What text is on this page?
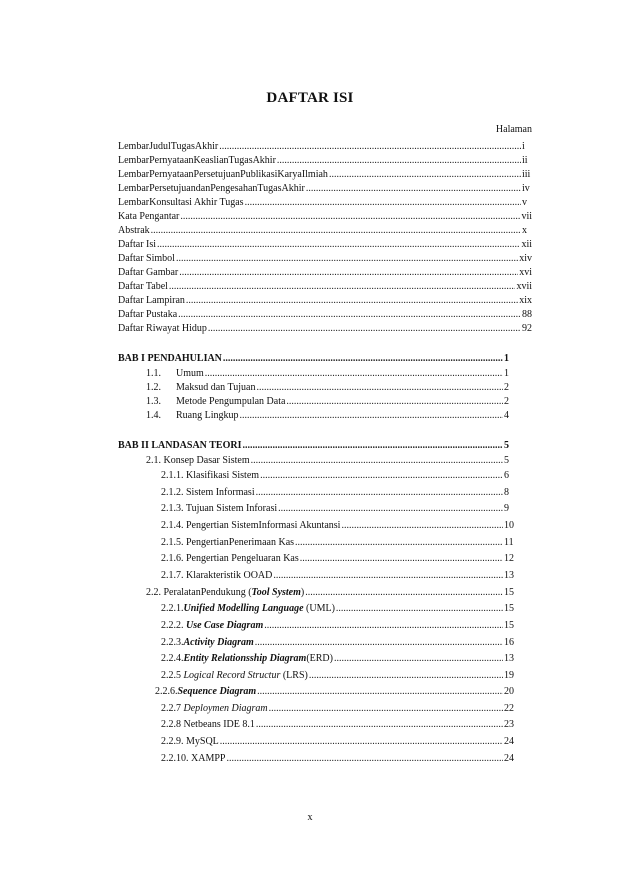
DAFTAR ISI
Halaman
LembarJudulTugasAkhir .....	i
LembarPernyataanKeaslianTugasAkhir .....	ii
LembarPernyataanPersetujuanPublikasiKaryaIlmiah .....	iii
LembarPersetujuandanPengesahanTugasAkhir .....	iv
LembarKonsultasi Akhir Tugas .....	v
Kata Pengantar .....	vii
Abstrak .....	x
Daftar Isi .....	xii
Daftar Simbol .....	xiv
Daftar Gambar .....	xvi
Daftar Tabel .....	xvii
Daftar Lampiran .....	xix
Daftar Pustaka .....	88
Daftar Riwayat Hidup .....	92
BAB I PENDAHULIAN .....	1
1.1. Umum .....	1
1.2. Maksud dan Tujuan .....	2
1.3. Metode Pengumpulan Data .....	2
1.4. Ruang Lingkup .....	4
BAB II LANDASAN TEORI .....	5
2.1. Konsep Dasar Sistem .....	5
2.1.1. Klasifikasi Sistem .....	6
2.1.2. Sistem Informasi .....	8
2.1.3. Tujuan Sistem Inforasi .....	9
2.1.4. Pengertian SistemInformasi Akuntansi .....	10
2.1.5. PengertianPenerimaan Kas .....	11
2.1.6. Pengertian Pengeluaran Kas .....	12
2.1.7. Klarakteristik OOAD .....	13
2.2. PeralatanPendukung (Tool System) .....	15
2.2.1.Unified Modelling Language (UML) .....	15
2.2.2. Use Case Diagram .....	15
2.2.3.Activity Diagram .....	16
2.2.4.Entity Relationsship Diagram(ERD) .....	13
2.2.5 Logical Record Structur (LRS) .....	19
2.2.6.Sequence Diagram .....	20
2.2.7 Deploymen Diagram .....	22
2.2.8 Netbeans IDE 8.1 .....	23
2.2.9. MySQL .....	24
2.2.10. XAMPP .....	24
x
